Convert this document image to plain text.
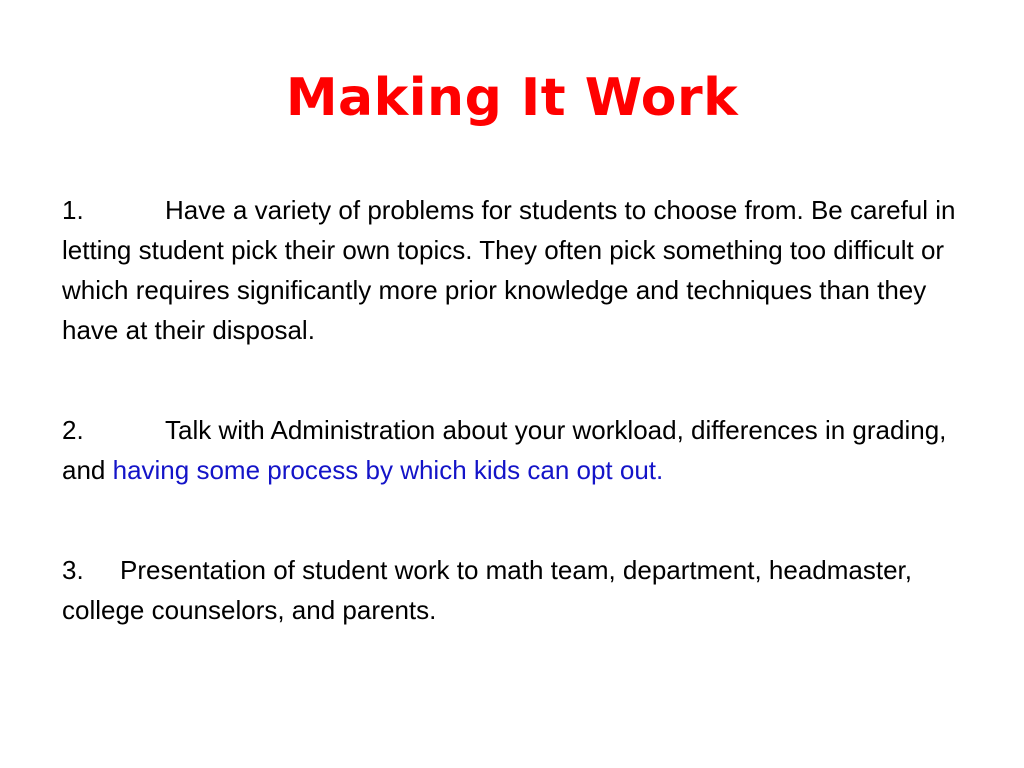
Making It Work

1.	Have a variety of problems for students to choose from. Be careful in letting student pick their own topics. They often pick something too difficult or which requires significantly more prior knowledge and techniques than they have at their disposal.

2.	Talk with Administration about your workload, differences in grading, and having some process by which kids can opt out.

3. Presentation of student work to math team, department, headmaster, college counselors, and parents.
